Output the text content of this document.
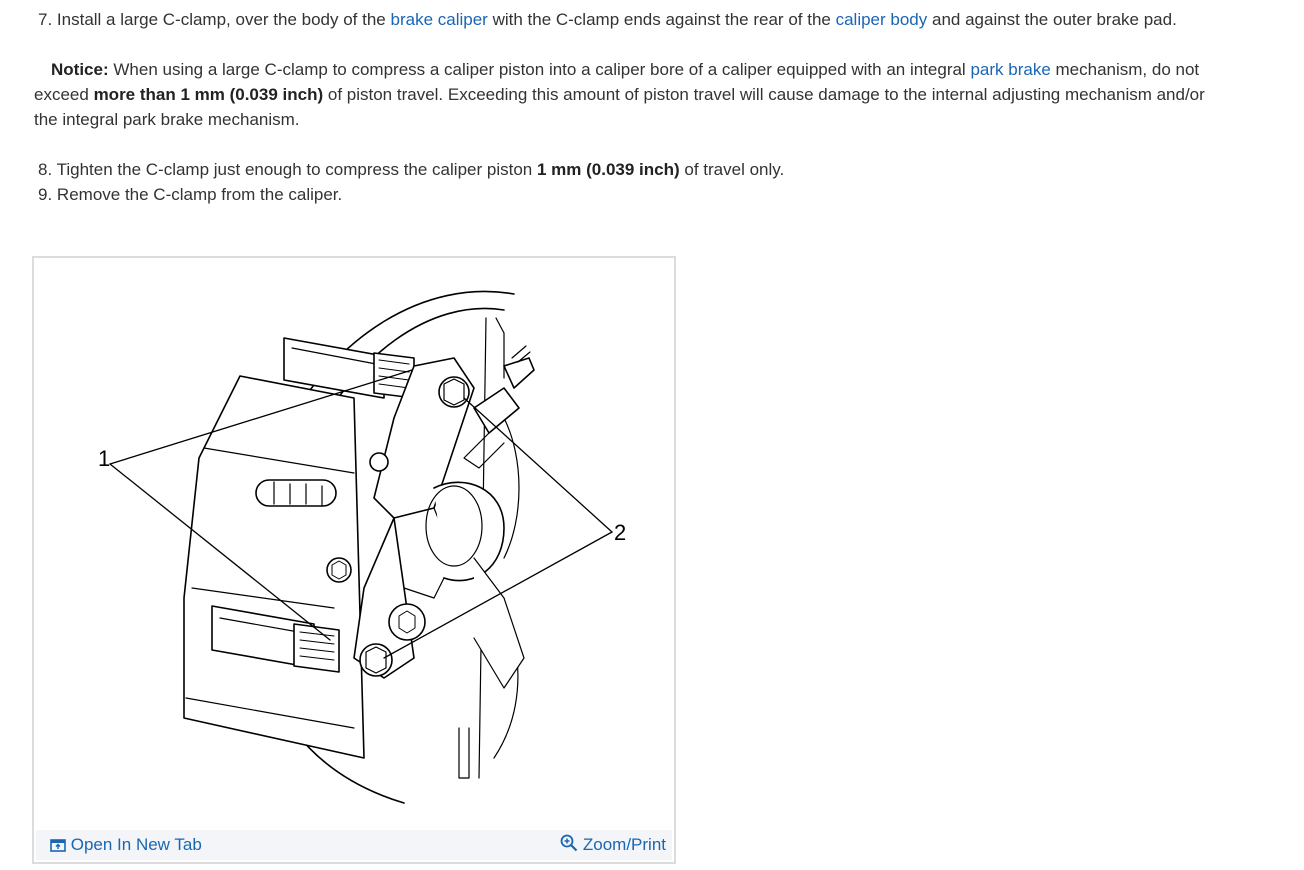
7. Install a large C-clamp, over the body of the brake caliper with the C-clamp ends against the rear of the caliper body and against the outer brake pad.
Notice: When using a large C-clamp to compress a caliper piston into a caliper bore of a caliper equipped with an integral park brake mechanism, do not
exceed more than 1 mm (0.039 inch) of piston travel. Exceeding this amount of piston travel will cause damage to the internal adjusting mechanism and/or
the integral park brake mechanism.
8. Tighten the C-clamp just enough to compress the caliper piston 1 mm (0.039 inch) of travel only.
9. Remove the C-clamp from the caliper.
1
2
Open In New Tab	Zoom/Print
